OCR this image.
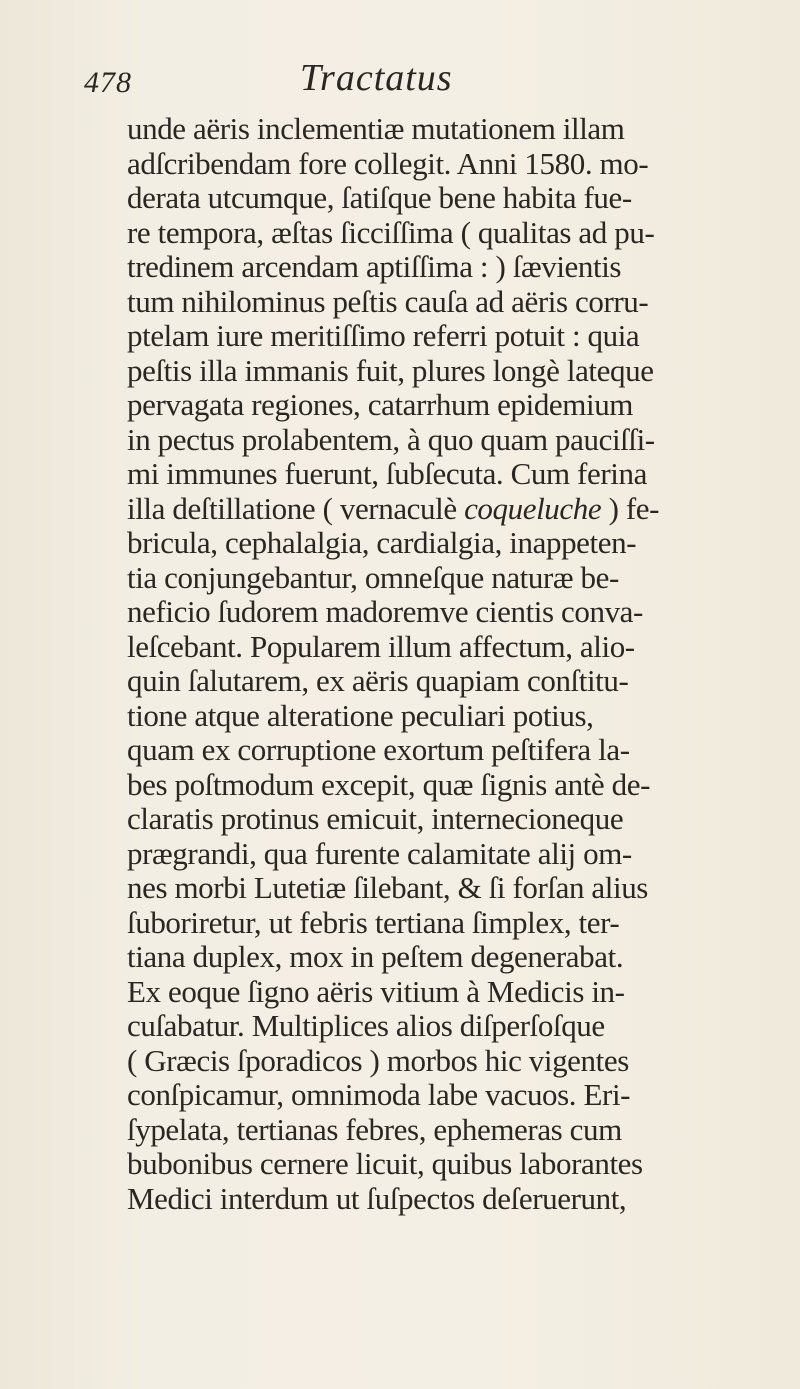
478	Tractatus
unde aëris inclementiæ mutationem illam
adſcribendam fore collegit. Anni 1580. mo-
derata utcumque, ſatiſque bene habita fue-
re tempora, æſtas ſicciſſima ( qualitas ad pu-
tredinem arcendam aptiſſima : ) ſævientis
tum nihilominus peſtis cauſa ad aëris corru-
ptelam iure meritiſſimo referri potuit : quia
peſtis illa immanis fuit, plures longè lateque
pervagata regiones, catarrhum epidemium
in pectus prolabentem, à quo quam pauciſſi-
mi immunes fuerunt, ſubſecuta. Cum ferina
illa deſtillatione ( vernaculè coqueluche ) fe-
bricula, cephalalgia, cardialgia, inappeten-
tia conjungebantur, omneſque naturæ be-
neficio ſudorem madoremve cientis conva-
leſcebant. Popularem illum affectum, alio-
quin ſalutarem, ex aëris quapiam conſtitu-
tione atque alteratione peculiari potius,
quam ex corruptione exortum peſtifera la-
bes poſtmodum excepit, quæ ſignis antè de-
claratis protinus emicuit, internecioneque
prægrandi, qua furente calamitate alij om-
nes morbi Lutetiæ ſilebant, & ſi forſan alius
ſuboriretur, ut febris tertiana ſimplex, ter-
tiana duplex, mox in peſtem degenerabat.
Ex eoque ſigno aëris vitium à Medicis in-
cuſabatur. Multiplices alios diſperſoſque
( Græcis ſporadicos ) morbos hic vigentes
conſpicamur, omnimoda labe vacuos. Eri-
ſypelata, tertianas febres, ephemeras cum
bubonibus cernere licuit, quibus laborantes
Medici interdum ut ſuſpectos deſeruerunt,
